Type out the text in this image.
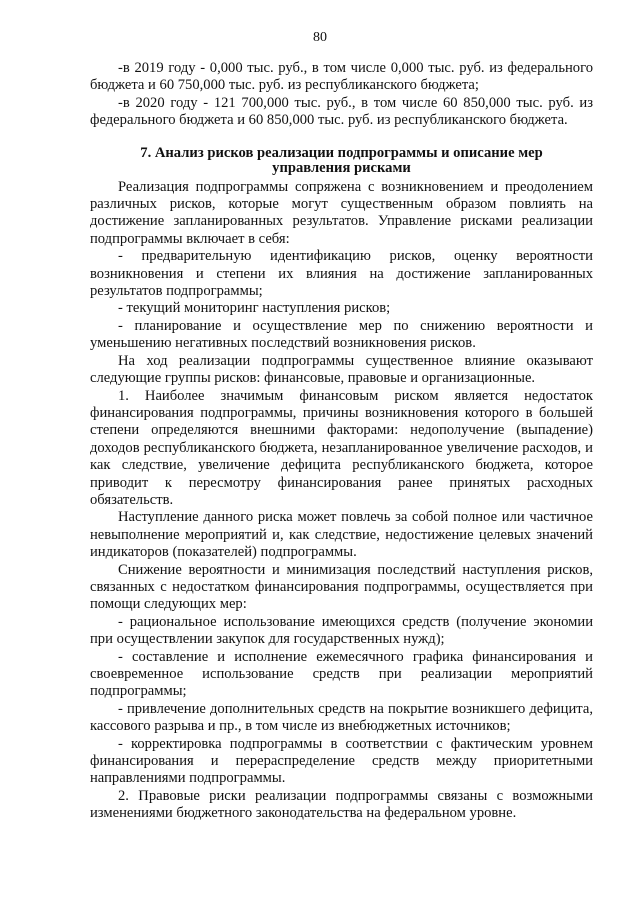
80

-в 2019 году - 0,000 тыс. руб., в том числе 0,000 тыс. руб. из федерального бюджета и 60 750,000 тыс. руб. из республиканского бюджета;

-в 2020 году - 121 700,000 тыс. руб., в том числе 60 850,000 тыс. руб. из федерального бюджета и 60 850,000 тыс. руб. из республиканского бюджета.

7. Анализ рисков реализации подпрограммы и описание мер
управления рисками

Реализация подпрограммы сопряжена с возникновением и преодолением различных рисков, которые могут существенным образом повлиять на достижение запланированных результатов. Управление рисками реализации подпрограммы включает в себя:

- предварительную идентификацию рисков, оценку вероятности возникновения и степени их влияния на достижение запланированных результатов подпрограммы;

- текущий мониторинг наступления рисков;

- планирование и осуществление мер по снижению вероятности и уменьшению негативных последствий возникновения рисков.

На ход реализации подпрограммы существенное влияние оказывают следующие группы рисков: финансовые, правовые и организационные.

1. Наиболее значимым финансовым риском является недостаток финансирования подпрограммы, причины возникновения которого в большей степени определяются внешними факторами: недополучение (выпадение) доходов республиканского бюджета, незапланированное увеличение расходов, и как следствие, увеличение дефицита республиканского бюджета, которое приводит к пересмотру финансирования ранее принятых расходных обязательств.

Наступление данного риска может повлечь за собой полное или частичное невыполнение мероприятий и, как следствие, недостижение целевых значений индикаторов (показателей) подпрограммы.

Снижение вероятности и минимизация последствий наступления рисков, связанных с недостатком финансирования подпрограммы, осуществляется при помощи следующих мер:

- рациональное использование имеющихся средств (получение экономии при осуществлении закупок для государственных нужд);

- составление и исполнение ежемесячного графика финансирования и своевременное использование средств при реализации мероприятий подпрограммы;

- привлечение дополнительных средств на покрытие возникшего дефицита, кассового разрыва и пр., в том числе из внебюджетных источников;

- корректировка подпрограммы в соответствии с фактическим уровнем финансирования и перераспределение средств между приоритетными направлениями подпрограммы.

2. Правовые риски реализации подпрограммы связаны с возможными изменениями бюджетного законодательства на федеральном уровне.
